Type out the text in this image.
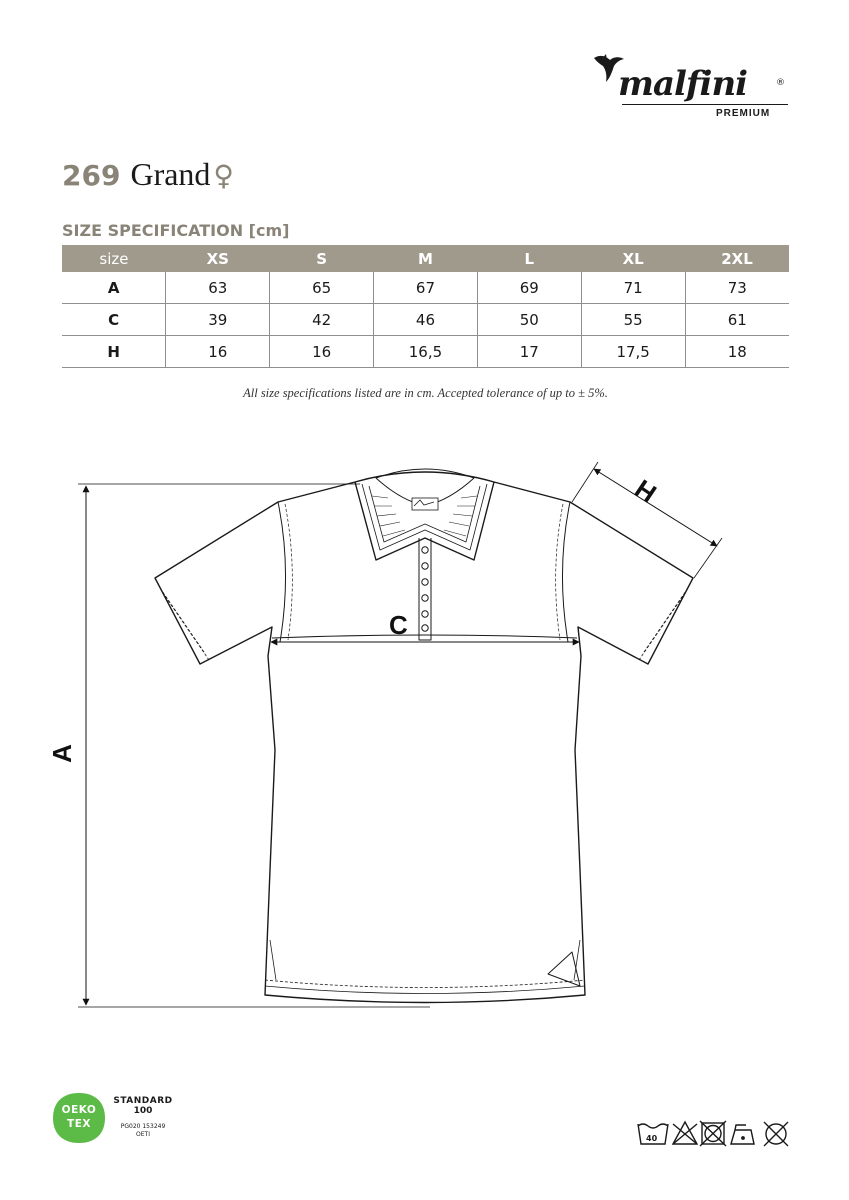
malfini	®
PREMIUM
269 Grand ♀
SIZE SPECIFICATION [cm]
size	XS	S	M	L	XL	2XL
A	63	65	67	69	71	73
C	39	42	46	50	55	61
H	16	16	16,5	17	17,5	18
All size specifications listed are in cm. Accepted tolerance of up to ± 5%.
C
A
H
OEKO
TEX
STANDARD
100
PG020 153249
OETI	40
